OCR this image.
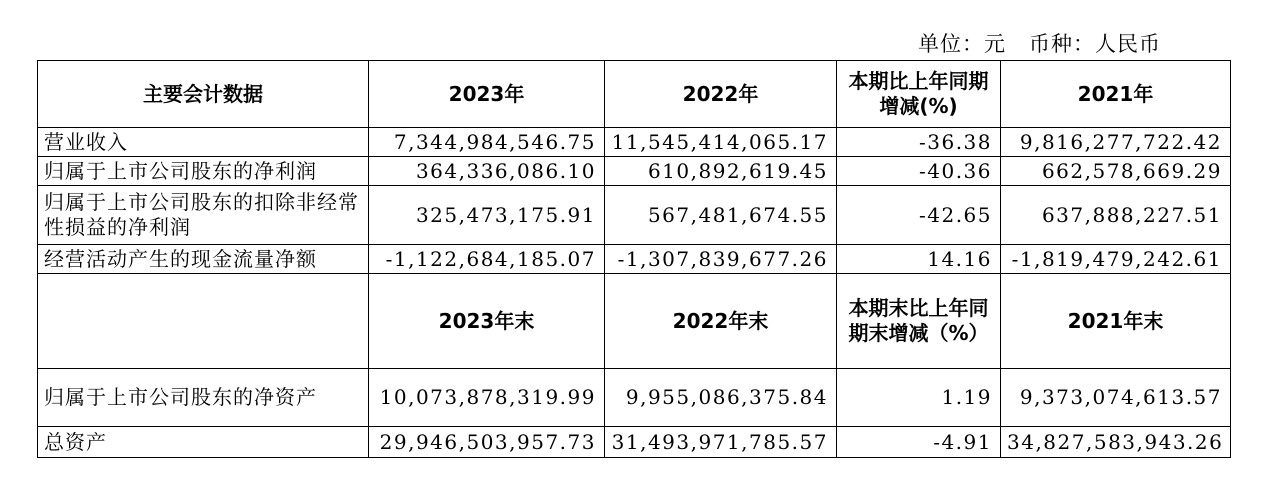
单位：元   币种：人民币
主要会计数据	2023年	2022年	本期比上年同期增减(%)	2021年
营业收入	7,344,984,546.75	11,545,414,065.17	-36.38	9,816,277,722.42
归属于上市公司股东的净利润	364,336,086.10	610,892,619.45	-40.36	662,578,669.29
归属于上市公司股东的扣除非经常性损益的净利润	325,473,175.91	567,481,674.55	-42.65	637,888,227.51
经营活动产生的现金流量净额	-1,122,684,185.07	-1,307,839,677.26	14.16	-1,819,479,242.61
	2023年末	2022年末	本期末比上年同期末增减（%）	2021年末
归属于上市公司股东的净资产	10,073,878,319.99	9,955,086,375.84	1.19	9,373,074,613.57
总资产	29,946,503,957.73	31,493,971,785.57	-4.91	34,827,583,943.26
